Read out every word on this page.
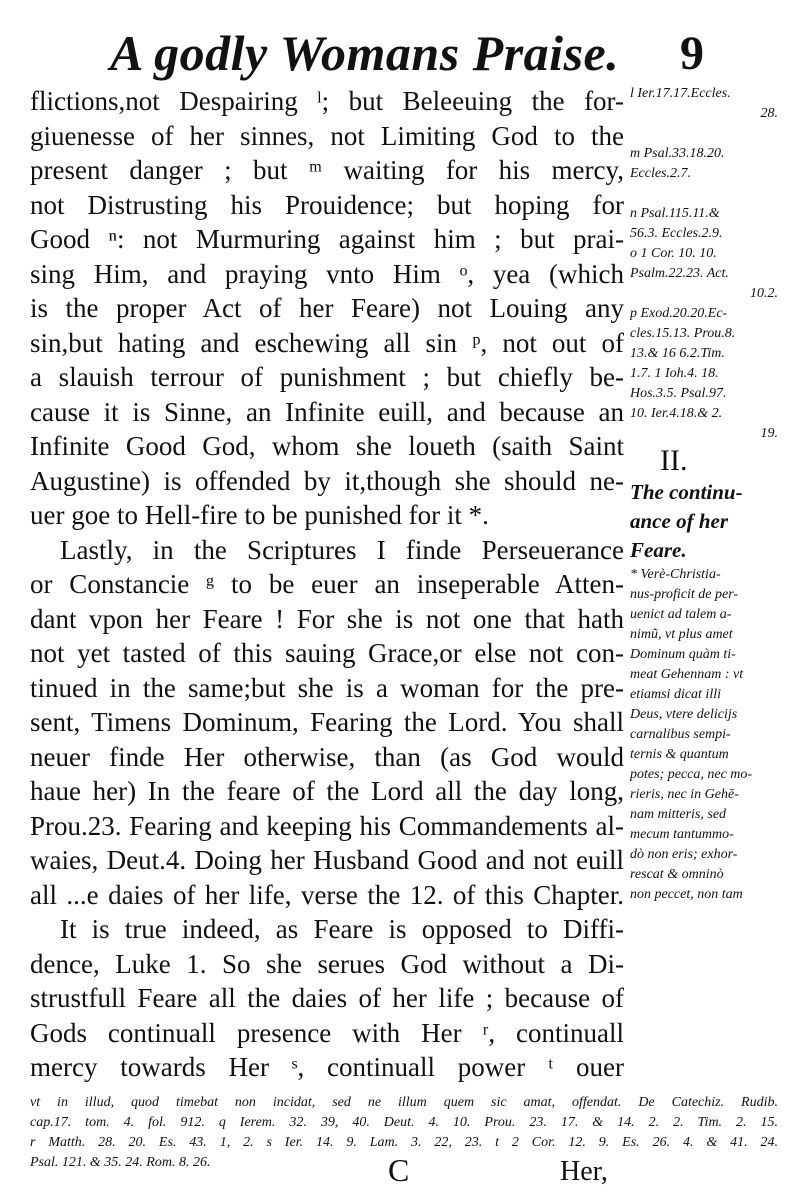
A godly Womans Praise. 9
flictions,not Despairing ˡ; but Beleeuing the for-
giuenesse of her sinnes, not Limiting God to the
present danger ; but ᵐ waiting for his mercy,
not Distrusting his Prouidence; but hoping for
Good ⁿ: not Murmuring against him ; but prai-
sing Him, and praying vnto Him ᵒ, yea (which
is the proper Act of her Feare) not Louing any
sin,but hating and eschewing all sin ᵖ, not out of
a slauish terrour of punishment ; but chiefly be-
cause it is Sinne, an Infinite euill, and because an
Infinite Good God, whom she loueth (saith Saint
Augustine) is offended by it,though she should ne-
uer goe to Hell-fire to be punished for it *.
Lastly, in the Scriptures I finde Perseuerance
or Constancie ᵍ to be euer an inseperable Atten-
dant vpon her Feare ! For she is not one that hath
not yet tasted of this sauing Grace,or else not con-
tinued in the same;but she is a woman for the pre-
sent, Timens Dominum, Fearing the Lord. You shall
neuer finde Her otherwise, than (as God would
haue her) In the feare of the Lord all the day long,
Prou.23. Fearing and keeping his Commandements al-
waies, Deut.4. Doing her Husband Good and not euill
all ...e daies of her life, verse the 12. of this Chapter.
It is true indeed, as Feare is opposed to Diffi-
dence, Luke 1. So she serues God without a Di-
strustfull Feare all the daies of her life ; because of
Gods continuall presence with Her ʳ, continuall
mercy towards Her ˢ, continuall power ᵗ ouer
l Ier.17.17.Eccles.
28.
m Psal.33.18.20.
Eccles.2.7.
n Psal.115.11.&
56.3. Eccles.2.9.
o 1 Cor. 10. 10.
Psalm.22.23. Act.
10.2.
p Exod.20.20.Ec-
cles.15.13. Prou.8.
13.& 16 6.2.Tim.
1.7. 1 Ioh.4. 18.
Hos.3.5. Psal.97.
10. Ier.4.18.& 2.
19.
II.
The continu-
ance of her
Feare.
* Verè-Christia-
nus-proficit de per-
uenict ad talem a-
nimũ, vt plus amet
Dominum quàm ti-
meat Gehennam : vt
etiamsi dicat illi
Deus, vtere delicijs
carnalibus sempi-
ternis & quantum
potes; pecca, nec mo-
rieris, nec in Gehē-
nam mitteris, sed
mecum tantummo-
dò non eris; exhor-
rescat & omninò
non peccet, non tam
vt in illud, quod timebat non incidat, sed ne illum quem sic amat, offendat. De Catechiz. Rudib.
cap.17. tom. 4. fol. 912. q Ierem. 32. 39, 40. Deut. 4. 10. Prou. 23. 17. & 14. 2. 2. Tim. 2. 15.
r Matth. 28. 20. Es. 43. 1, 2. s Ier. 14. 9. Lam. 3. 22, 23. t 2 Cor. 12. 9. Es. 26. 4. & 41. 24.
Psal. 121. & 35. 24. Rom. 8. 26.	C	Her,
